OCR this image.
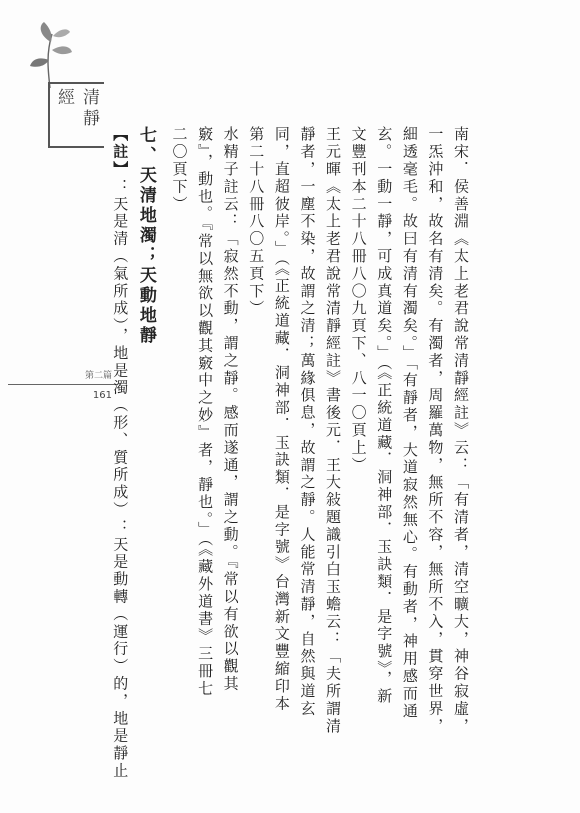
清靜經
第二篇
161	南宋．侯善淵《太上老君說常清靜經註》云：「有清者，清空曠大，神谷寂虛，
一炁沖和，故名有清矣。有濁者，周羅萬物，無所不容，無所不入，貫穿世界，
細透毫毛。故曰有清有濁矣。」「有靜者，大道寂然無心。有動者，神用感而通
玄。一動一靜，可成真道矣。」（《正統道藏．洞神部．玉訣類．是字號》，新
文豐刊本二十八冊八〇九頁下、八一〇頁上）
王元暉《太上老君說常清靜經註》書後元．王大敍題識引白玉蟾云：「夫所謂清
靜者，一塵不染，故謂之清；萬緣俱息，故謂之靜。人能常清靜，自然與道玄
同，直超彼岸。」（《正統道藏．洞神部．玉訣類．是字號》台灣新文豐縮印本
第二十八冊八〇五頁下）
水精子註云：「寂然不動，謂之靜。感而遂通，謂之動。『常以有欲以觀其
竅』，動也。『常以無欲以觀其竅中之妙』者，靜也。」（《藏外道書》三冊七
二〇頁下）
七、天清地濁；天動地靜
【註】：天是清（氣所成），地是濁（形、質所成）：天是動轉（運行）的，地是靜止
